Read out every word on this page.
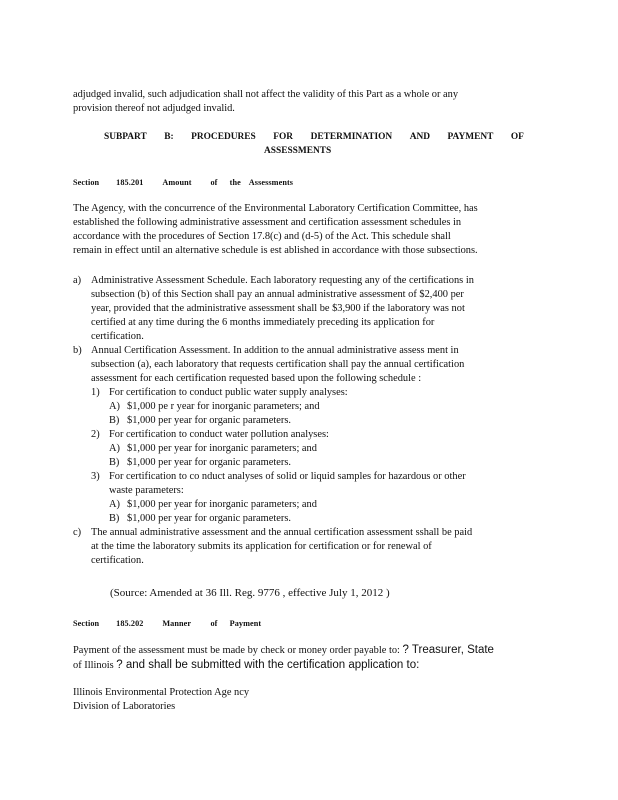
adjudged invalid, such adjudication shall not affect the validity of this Part as a whole or any
provision thereof not adjudged invalid.
SUBPART B: PROCEDURES FOR DETERMINATION AND PAYMENT OF
ASSESSMENTS
Section 185.201 Amount of the Assessments
The Agency, with the concurrence of the Environmental Laboratory Certification Committee, has
established the following administrative assessment and certification assessment schedules in
accordance with the procedures of Section 17.8(c) and (d-5) of the Act. This schedule shall
remain in effect until an alternative schedule is est ablished in accordance with those subsections.
a) Administrative Assessment Schedule. Each laboratory requesting any of the certifications in
subsection (b) of this Section shall pay an annual administrative assessment of $2,400 per
year, provided that the administrative assessment shall be $3,900 if the laboratory was not
certified at any time during the 6 months immediately preceding its application for
certification.
b) Annual Certification Assessment. In addition to the annual administrative assess ment in
subsection (a), each laboratory that requests certification shall pay the annual certification
assessment for each certification requested based upon the following schedule :
1) For certification to conduct public water supply analyses:
A) $1,000 pe r year for inorganic parameters; and
B) $1,000 per year for organic parameters.
2) For certification to conduct water pollution analyses:
A) $1,000 per year for inorganic parameters; and
B) $1,000 per year for organic parameters.
3) For certification to co nduct analyses of solid or liquid samples for hazardous or other
waste parameters:
A) $1,000 per year for inorganic parameters; and
B) $1,000 per year for organic parameters.
c) The annual administrative assessment and the annual certification assessment sshall be paid
at the time the laboratory submits its application for certification or for renewal of
certification.
(Source: Amended at 36 Ill. Reg. 9776 , effective July 1, 2012 )
Section 185.202 Manner of Payment
Payment of the assessment must be made by check or money order payable to: ? Treasurer, State
of Illinois ? and shall be submitted with the certification application to:
Illinois Environmental Protection Age ncy
Division of Laboratories
